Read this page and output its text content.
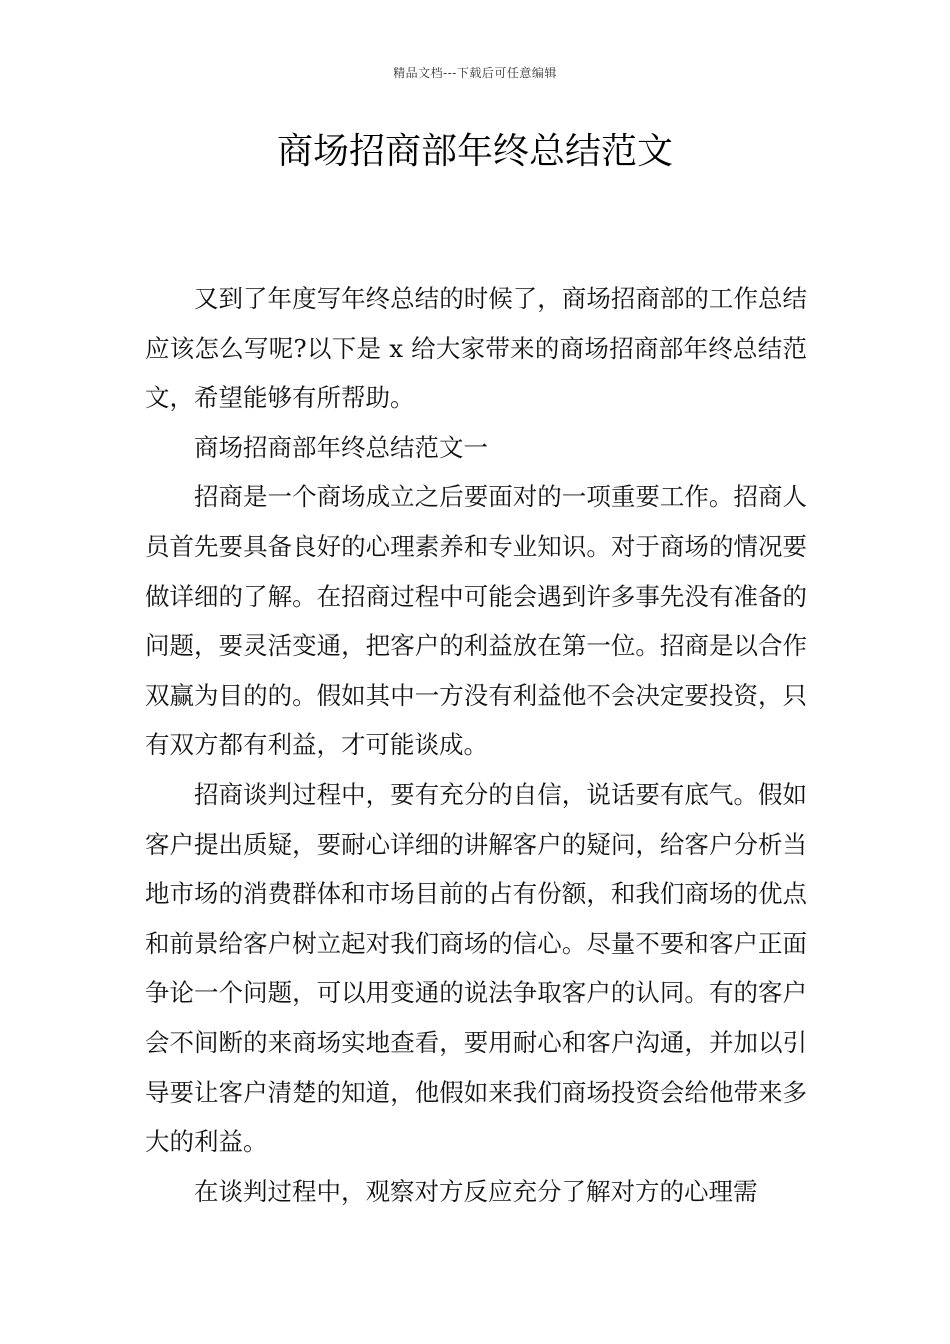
精品文档---下载后可任意编辑
商场招商部年终总结范文

又到了年度写年终总结的时候了，商场招商部的工作总结应该怎么写呢?以下是 x 给大家带来的商场招商部年终总结范文，希望能够有所帮助。

商场招商部年终总结范文一

招商是一个商场成立之后要面对的一项重要工作。招商人员首先要具备良好的心理素养和专业知识。对于商场的情况要做详细的了解。在招商过程中可能会遇到许多事先没有准备的问题，要灵活变通，把客户的利益放在第一位。招商是以合作双赢为目的的。假如其中一方没有利益他不会决定要投资，只有双方都有利益，才可能谈成。

招商谈判过程中，要有充分的自信，说话要有底气。假如客户提出质疑，要耐心详细的讲解客户的疑问，给客户分析当地市场的消费群体和市场目前的占有份额，和我们商场的优点和前景给客户树立起对我们商场的信心。尽量不要和客户正面争论一个问题，可以用变通的说法争取客户的认同。有的客户会不间断的来商场实地查看，要用耐心和客户沟通，并加以引导要让客户清楚的知道，他假如来我们商场投资会给他带来多大的利益。

在谈判过程中，观察对方反应充分了解对方的心理需
